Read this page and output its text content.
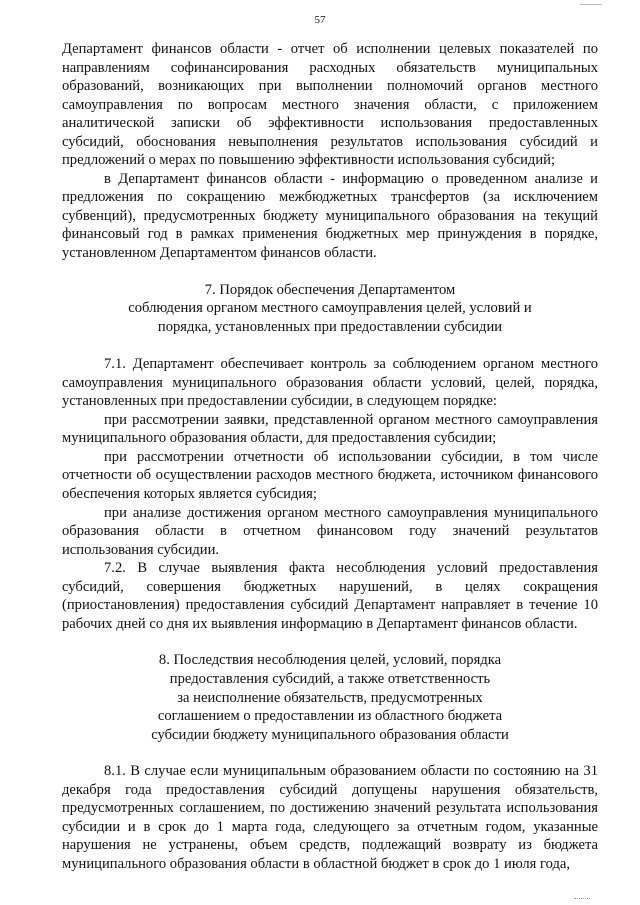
57

Департамент финансов области - отчет об исполнении целевых показателей по направлениям софинансирования расходных обязательств муниципальных образований, возникающих при выполнении полномочий органов местного самоуправления по вопросам местного значения области, с приложением аналитической записки об эффективности использования предоставленных субсидий, обоснования невыполнения результатов использования субсидий и предложений о мерах по повышению эффективности использования субсидий;

в Департамент финансов области - информацию о проведенном анализе и предложения по сокращению межбюджетных трансфертов (за исключением субвенций), предусмотренных бюджету муниципального образования на текущий финансовый год в рамках применения бюджетных мер принуждения в порядке, установленном Департаментом финансов области.

7. Порядок обеспечения Департаментом
соблюдения органом местного самоуправления целей, условий и
порядка, установленных при предоставлении субсидии

7.1. Департамент обеспечивает контроль за соблюдением органом местного самоуправления муниципального образования области условий, целей, порядка, установленных при предоставлении субсидии, в следующем порядке:

при рассмотрении заявки, представленной органом местного самоуправления муниципального образования области, для предоставления субсидии;

при рассмотрении отчетности об использовании субсидии, в том числе отчетности об осуществлении расходов местного бюджета, источником финансового обеспечения которых является субсидия;

при анализе достижения органом местного самоуправления муниципального образования области в отчетном финансовом году значений результатов использования субсидии.

7.2. В случае выявления факта несоблюдения условий предоставления субсидий, совершения бюджетных нарушений, в целях сокращения (приостановления) предоставления субсидий Департамент направляет в течение 10 рабочих дней со дня их выявления информацию в Департамент финансов области.

8. Последствия несоблюдения целей, условий, порядка
предоставления субсидий, а также ответственность
за неисполнение обязательств, предусмотренных
соглашением о предоставлении из областного бюджета
субсидии бюджету муниципального образования области

8.1. В случае если муниципальным образованием области по состоянию на 31 декабря года предоставления субсидий допущены нарушения обязательств, предусмотренных соглашением, по достижению значений результата использования субсидии и в срок до 1 марта года, следующего за отчетным годом, указанные нарушения не устранены, объем средств, подлежащий возврату из бюджета муниципального образования области в областной бюджет в срок до 1 июля года,
